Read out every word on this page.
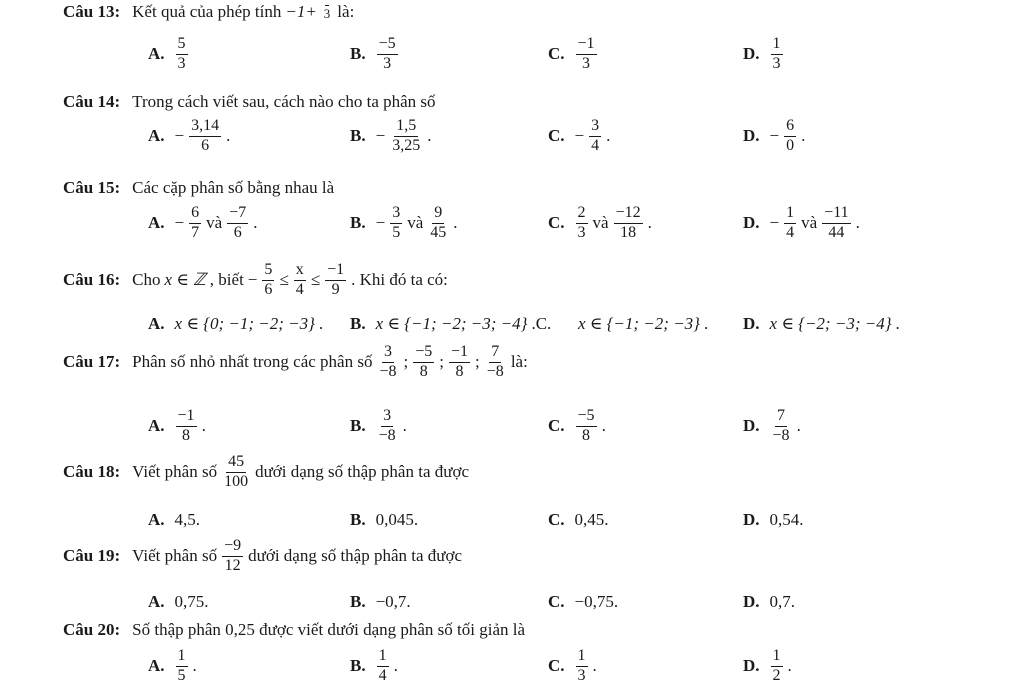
Câu 13: Kết quả của phép tính −1+ 3 là:
A. $\frac{5}{3}$	B. $\frac{-5}{3}$	C. $\frac{-1}{3}$	D. $\frac{1}{3}$
Câu 14: Trong cách viết sau, cách nào cho ta phân số
A. − $\frac{3,14}{6}$ .	B. − $\frac{1,5}{3,25}$ .	C. − $\frac{3}{4}$ .	D. − $\frac{6}{0}$ .
Câu 15: Các cặp phân số bằng nhau là
A. − $\frac{6}{7}$ và $\frac{-7}{6}$ .	B. − $\frac{3}{5}$ và $\frac{9}{45}$ .	C. $\frac{2}{3}$ và $\frac{-12}{18}$ .	D. − $\frac{1}{4}$ và $\frac{-11}{44}$ .
Câu 16: Cho x ∈ ℤ , biết − $\frac{5}{6} \le \frac{x}{4} \le \frac{-1}{9}$ . Khi đó ta có:
A. x ∈ {0; −1; −2; −3} . B. x ∈ {−1; −2; −3; −4} .C. x ∈ {−1; −2; −3} . D. x ∈ {−2; −3; −4} .
Câu 17: Phân số nhỏ nhất trong các phân số $\frac{3}{-8}$ ; $\frac{-5}{8}$ ; $\frac{-1}{8}$ ; $\frac{7}{-8}$ là:
A. $\frac{-1}{8}$ .	B. $\frac{3}{-8}$ .	C. $\frac{-5}{8}$ .	D. $\frac{7}{-8}$ .
Câu 18: Viết phân số $\frac{45}{100}$ dưới dạng số thập phân ta được
A. 4,5.	B. 0,045.	C. 0,45.	D. 0,54.
Câu 19: Viết phân số $\frac{-9}{12}$ dưới dạng số thập phân ta được
A. 0,75.	B. −0,7.	C. −0,75.	D. 0,7.
Câu 20: Số thập phân 0,25 được viết dưới dạng phân số tối giản là
A. $\frac{1}{5}$ .	B. $\frac{1}{4}$ .	C. $\frac{1}{3}$ .	D. $\frac{1}{2}$ .
